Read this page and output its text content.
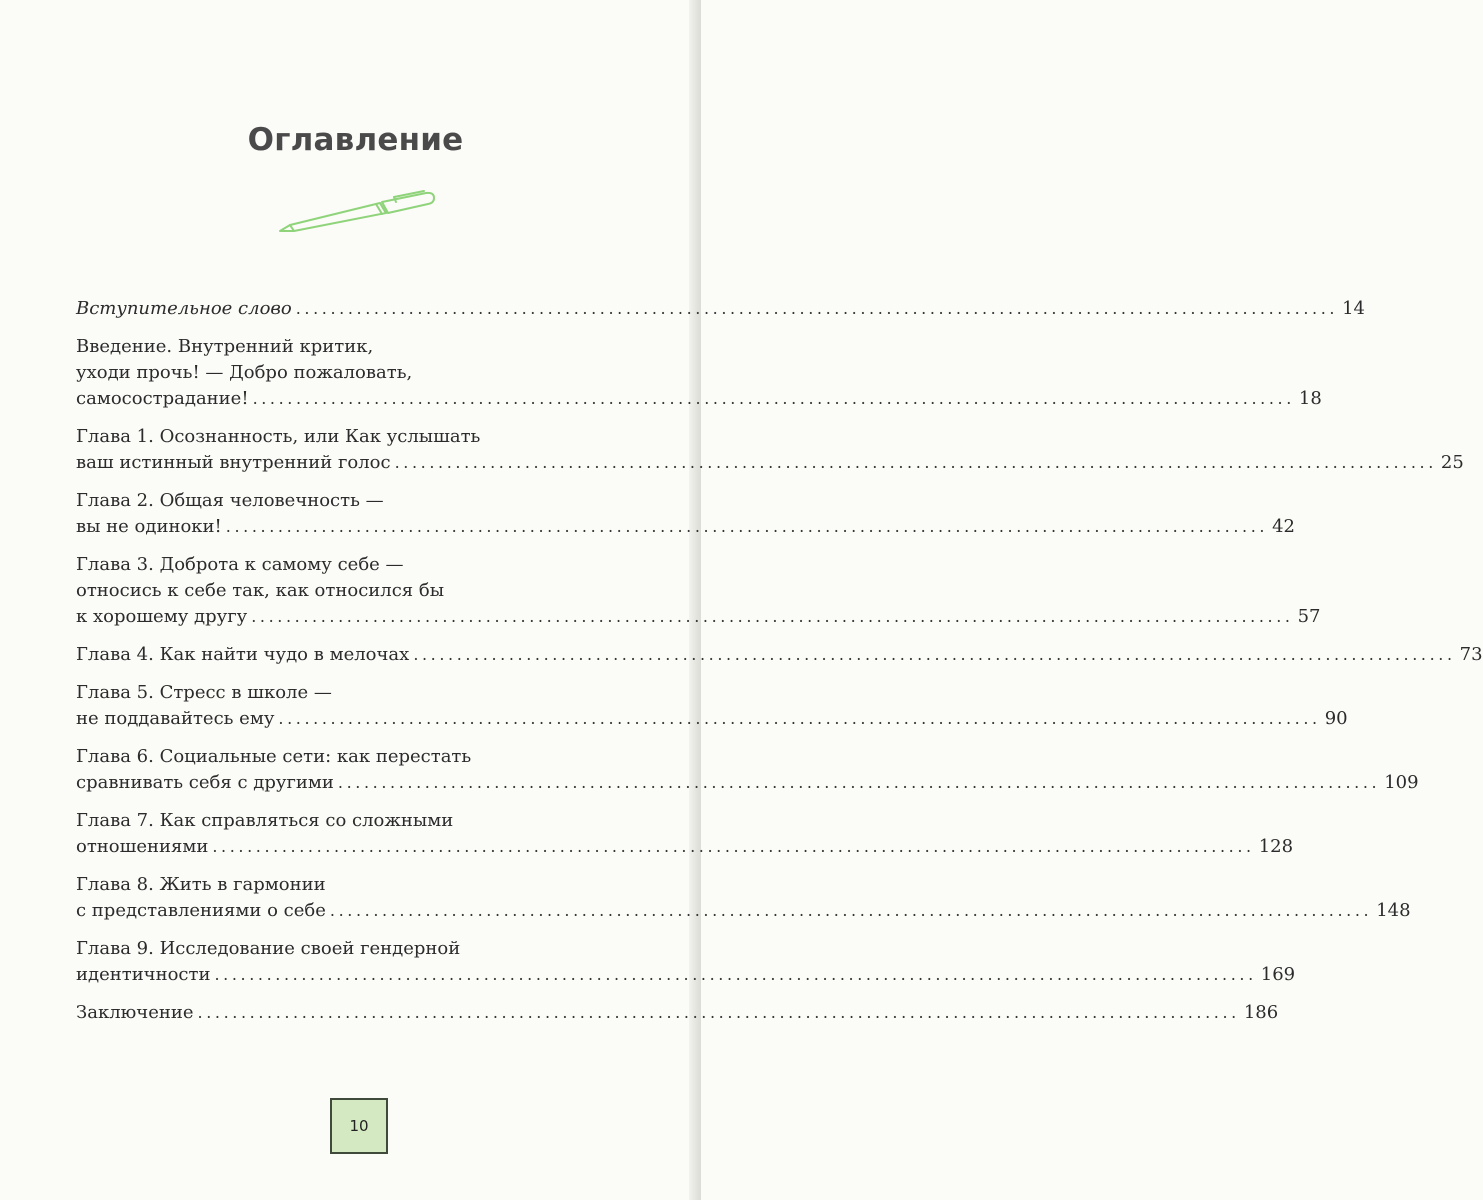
Оглавление
Вступительное слово ........................................................................................................................ 14
Введение. Внутренний критик,
уходи прочь! — Добро пожаловать,
самосострадание! ........................................................................................................................ 18
Глава 1. Осознанность, или Как услышать
ваш истинный внутренний голос ........................................................................................................................ 25
Глава 2. Общая человечность —
вы не одиноки! ........................................................................................................................ 42
Глава 3. Доброта к самому себе —
относись к себе так, как относился бы
к хорошему другу ........................................................................................................................ 57
Глава 4. Как найти чудо в мелочах ........................................................................................................................ 73
Глава 5. Стресс в школе —
не поддавайтесь ему ........................................................................................................................ 90
Глава 6. Социальные сети: как перестать
сравнивать себя с другими ........................................................................................................................ 109
Глава 7. Как справляться со сложными
отношениями ........................................................................................................................ 128
Глава 8. Жить в гармонии
с представлениями о себе ........................................................................................................................ 148
Глава 9. Исследование своей гендерной
идентичности ........................................................................................................................ 169
Заключение ........................................................................................................................ 186
10
